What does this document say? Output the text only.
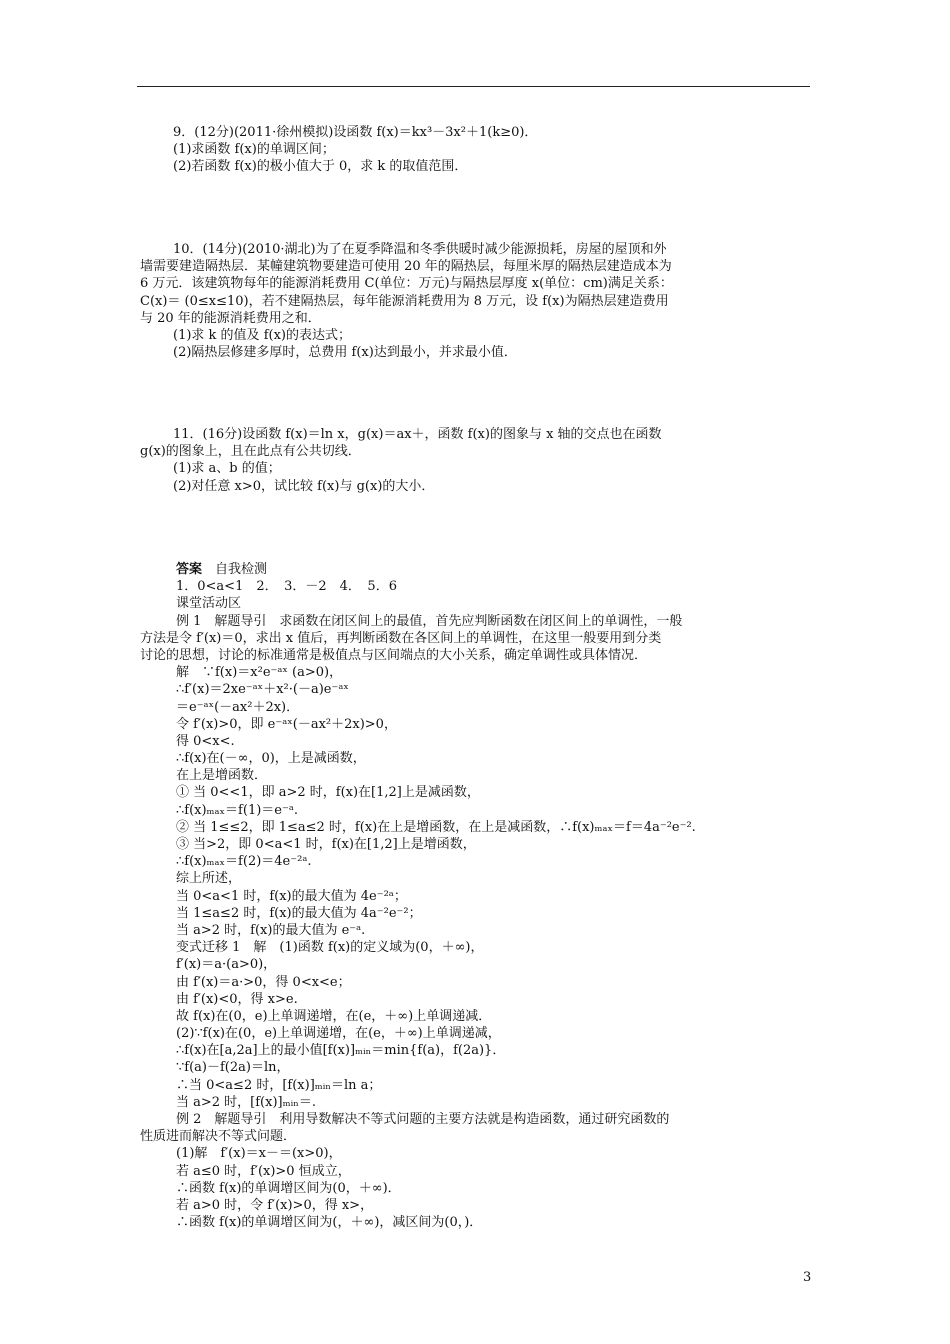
9．(12分)(2011·徐州模拟)设函数 f(x)＝kx³－3x²＋1(k≥0)．
(1)求函数 f(x)的单调区间；
(2)若函数 f(x)的极小值大于 0，求 k 的取值范围．
10．(14分)(2010·湖北)为了在夏季降温和冬季供暖时减少能源损耗，房屋的屋顶和外
墙需要建造隔热层．某幢建筑物要建造可使用 20 年的隔热层，每厘米厚的隔热层建造成本为
6 万元．该建筑物每年的能源消耗费用 C(单位：万元)与隔热层厚度 x(单位：cm)满足关系：
C(x)＝ (0≤x≤10)，若不建隔热层，每年能源消耗费用为 8 万元，设 f(x)为隔热层建造费用
与 20 年的能源消耗费用之和．
(1)求 k 的值及 f(x)的表达式；
(2)隔热层修建多厚时，总费用 f(x)达到最小，并求最小值．
11．(16分)设函数 f(x)＝ln x，g(x)＝ax＋，函数 f(x)的图象与 x 轴的交点也在函数
g(x)的图象上，且在此点有公共切线．
(1)求 a、b 的值；
(2)对任意 x>0，试比较 f(x)与 g(x)的大小．
答案　自我检测
1．0<a<1　2．　3．－2　4．　5．6
课堂活动区
例 1　解题导引　求函数在闭区间上的最值，首先应判断函数在闭区间上的单调性，一般
方法是令 f′(x)＝0，求出 x 值后，再判断函数在各区间上的单调性，在这里一般要用到分类
讨论的思想，讨论的标准通常是极值点与区间端点的大小关系，确定单调性或具体情况．
解　∵f(x)＝x²e⁻ᵃˣ (a>0)，
∴f′(x)＝2xe⁻ᵃˣ＋x²·(－a)e⁻ᵃˣ
＝e⁻ᵃˣ(－ax²＋2x)．
令 f′(x)>0，即 e⁻ᵃˣ(－ax²＋2x)>0，
得 0<x<.
∴f(x)在(－∞，0)，上是减函数，
在上是增函数．
① 当 0<<1，即 a>2 时，f(x)在[1,2]上是减函数，
∴f(x)ₘₐₓ＝f(1)＝e⁻ᵃ.
② 当 1≤≤2，即 1≤a≤2 时，f(x)在上是增函数，在上是减函数，∴f(x)ₘₐₓ＝f＝4a⁻²e⁻².
③ 当>2，即 0<a<1 时，f(x)在[1,2]上是增函数，
∴f(x)ₘₐₓ＝f(2)＝4e⁻²ᵃ.
综上所述，
当 0<a<1 时，f(x)的最大值为 4e⁻²ᵃ；
当 1≤a≤2 时，f(x)的最大值为 4a⁻²e⁻²；
当 a>2 时，f(x)的最大值为 e⁻ᵃ.
变式迁移 1　解　(1)函数 f(x)的定义域为(0，＋∞)，
f′(x)＝a·(a>0)，
由 f′(x)＝a·>0，得 0<x<e；
由 f′(x)<0，得 x>e.
故 f(x)在(0，e)上单调递增，在(e，＋∞)上单调递减．
(2)∵f(x)在(0，e)上单调递增，在(e，＋∞)上单调递减，
∴f(x)在[a,2a]上的最小值[f(x)]ₘᵢₙ＝min{f(a)，f(2a)}．
∵f(a)－f(2a)＝ln，
∴当 0<a≤2 时，[f(x)]ₘᵢₙ＝ln a；
当 a>2 时，[f(x)]ₘᵢₙ＝.
例 2　解题导引　利用导数解决不等式问题的主要方法就是构造函数，通过研究函数的
性质进而解决不等式问题．
(1)解　f′(x)＝x－＝(x>0)，
若 a≤0 时，f′(x)>0 恒成立，
∴函数 f(x)的单调增区间为(0，＋∞)．
若 a>0 时，令 f′(x)>0，得 x>，
∴函数 f(x)的单调增区间为(，＋∞)，减区间为(0，)．
3
